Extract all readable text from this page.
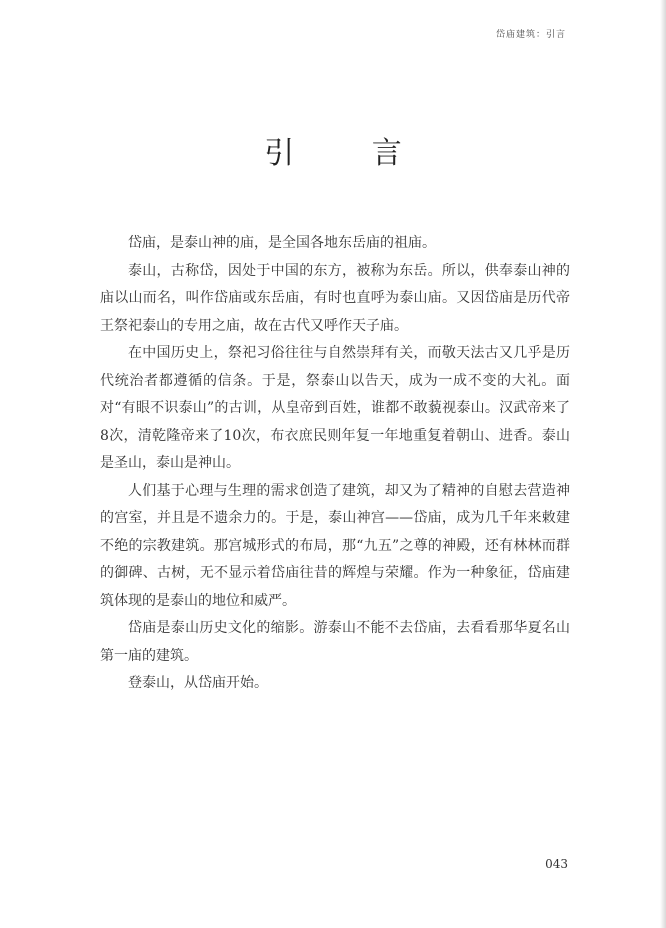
岱庙建筑：引言
引 言

岱庙，是泰山神的庙，是全国各地东岳庙的祖庙。

泰山，古称岱，因处于中国的东方，被称为东岳。所以，供奉泰山神的庙以山而名，叫作岱庙或东岳庙，有时也直呼为泰山庙。又因岱庙是历代帝王祭祀泰山的专用之庙，故在古代又呼作天子庙。

在中国历史上，祭祀习俗往往与自然崇拜有关，而敬天法古又几乎是历代统治者都遵循的信条。于是，祭泰山以告天，成为一成不变的大礼。面对“有眼不识泰山”的古训，从皇帝到百姓，谁都不敢藐视泰山。汉武帝来了8次，清乾隆帝来了10次，布衣庶民则年复一年地重复着朝山、进香。泰山是圣山，泰山是神山。

人们基于心理与生理的需求创造了建筑，却又为了精神的自慰去营造神的宫室，并且是不遗余力的。于是，泰山神宫——岱庙，成为几千年来敕建不绝的宗教建筑。那宫城形式的布局，那“九五”之尊的神殿，还有林林而群的御碑、古树，无不显示着岱庙往昔的辉煌与荣耀。作为一种象征，岱庙建筑体现的是泰山的地位和威严。

岱庙是泰山历史文化的缩影。游泰山不能不去岱庙，去看看那华夏名山第一庙的建筑。

登泰山，从岱庙开始。

043
